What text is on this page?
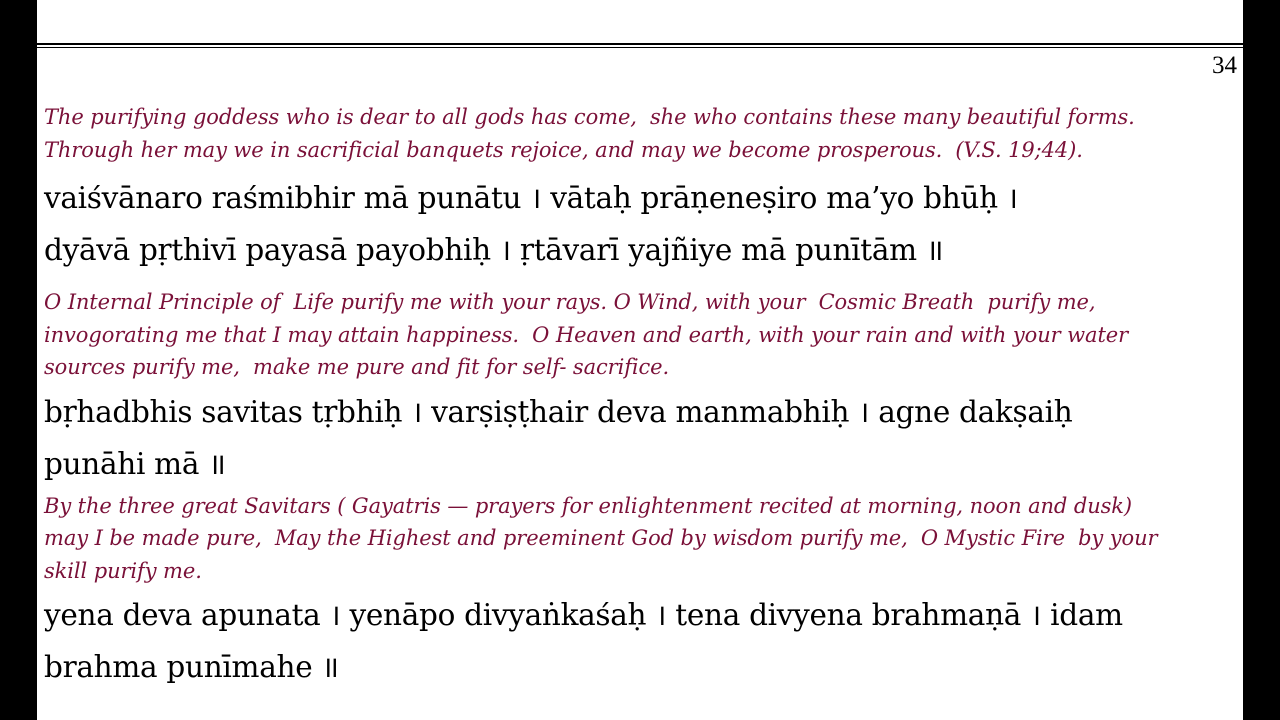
34

The purifying goddess who is dear to all gods has come,  she who contains these many beautiful forms.

Through her may we in sacrificial banquets rejoice, and may we become prosperous.  (V.S. 19;44).

vaiśvānaro raśmibhir mā punātu । vātaḥ prāṇeneṣiro ma’yo bhūḥ ।

dyāvā pṛthivī payasā payobhiḥ । ṛtāvarī yajñiye mā punītām ॥

O Internal Principle of  Life purify me with your rays. O Wind, with your  Cosmic Breath  purify me,

invogorating me that I may attain happiness.  O Heaven and earth, with your rain and with your water

sources purify me,  make me pure and fit for self- sacrifice.

bṛhadbhis savitas tṛbhiḥ । varṣiṣṭhair deva manmabhiḥ । agne dakṣaiḥ

punāhi mā ॥

By the three great Savitars ( Gayatris — prayers for enlightenment recited at morning, noon and dusk)

may I be made pure,  May the Highest and preeminent God by wisdom purify me,  O Mystic Fire  by your

skill purify me.

yena deva apunata । yenāpo divyaṅkaśaḥ । tena divyena brahmaṇā । idam

brahma punīmahe ॥
